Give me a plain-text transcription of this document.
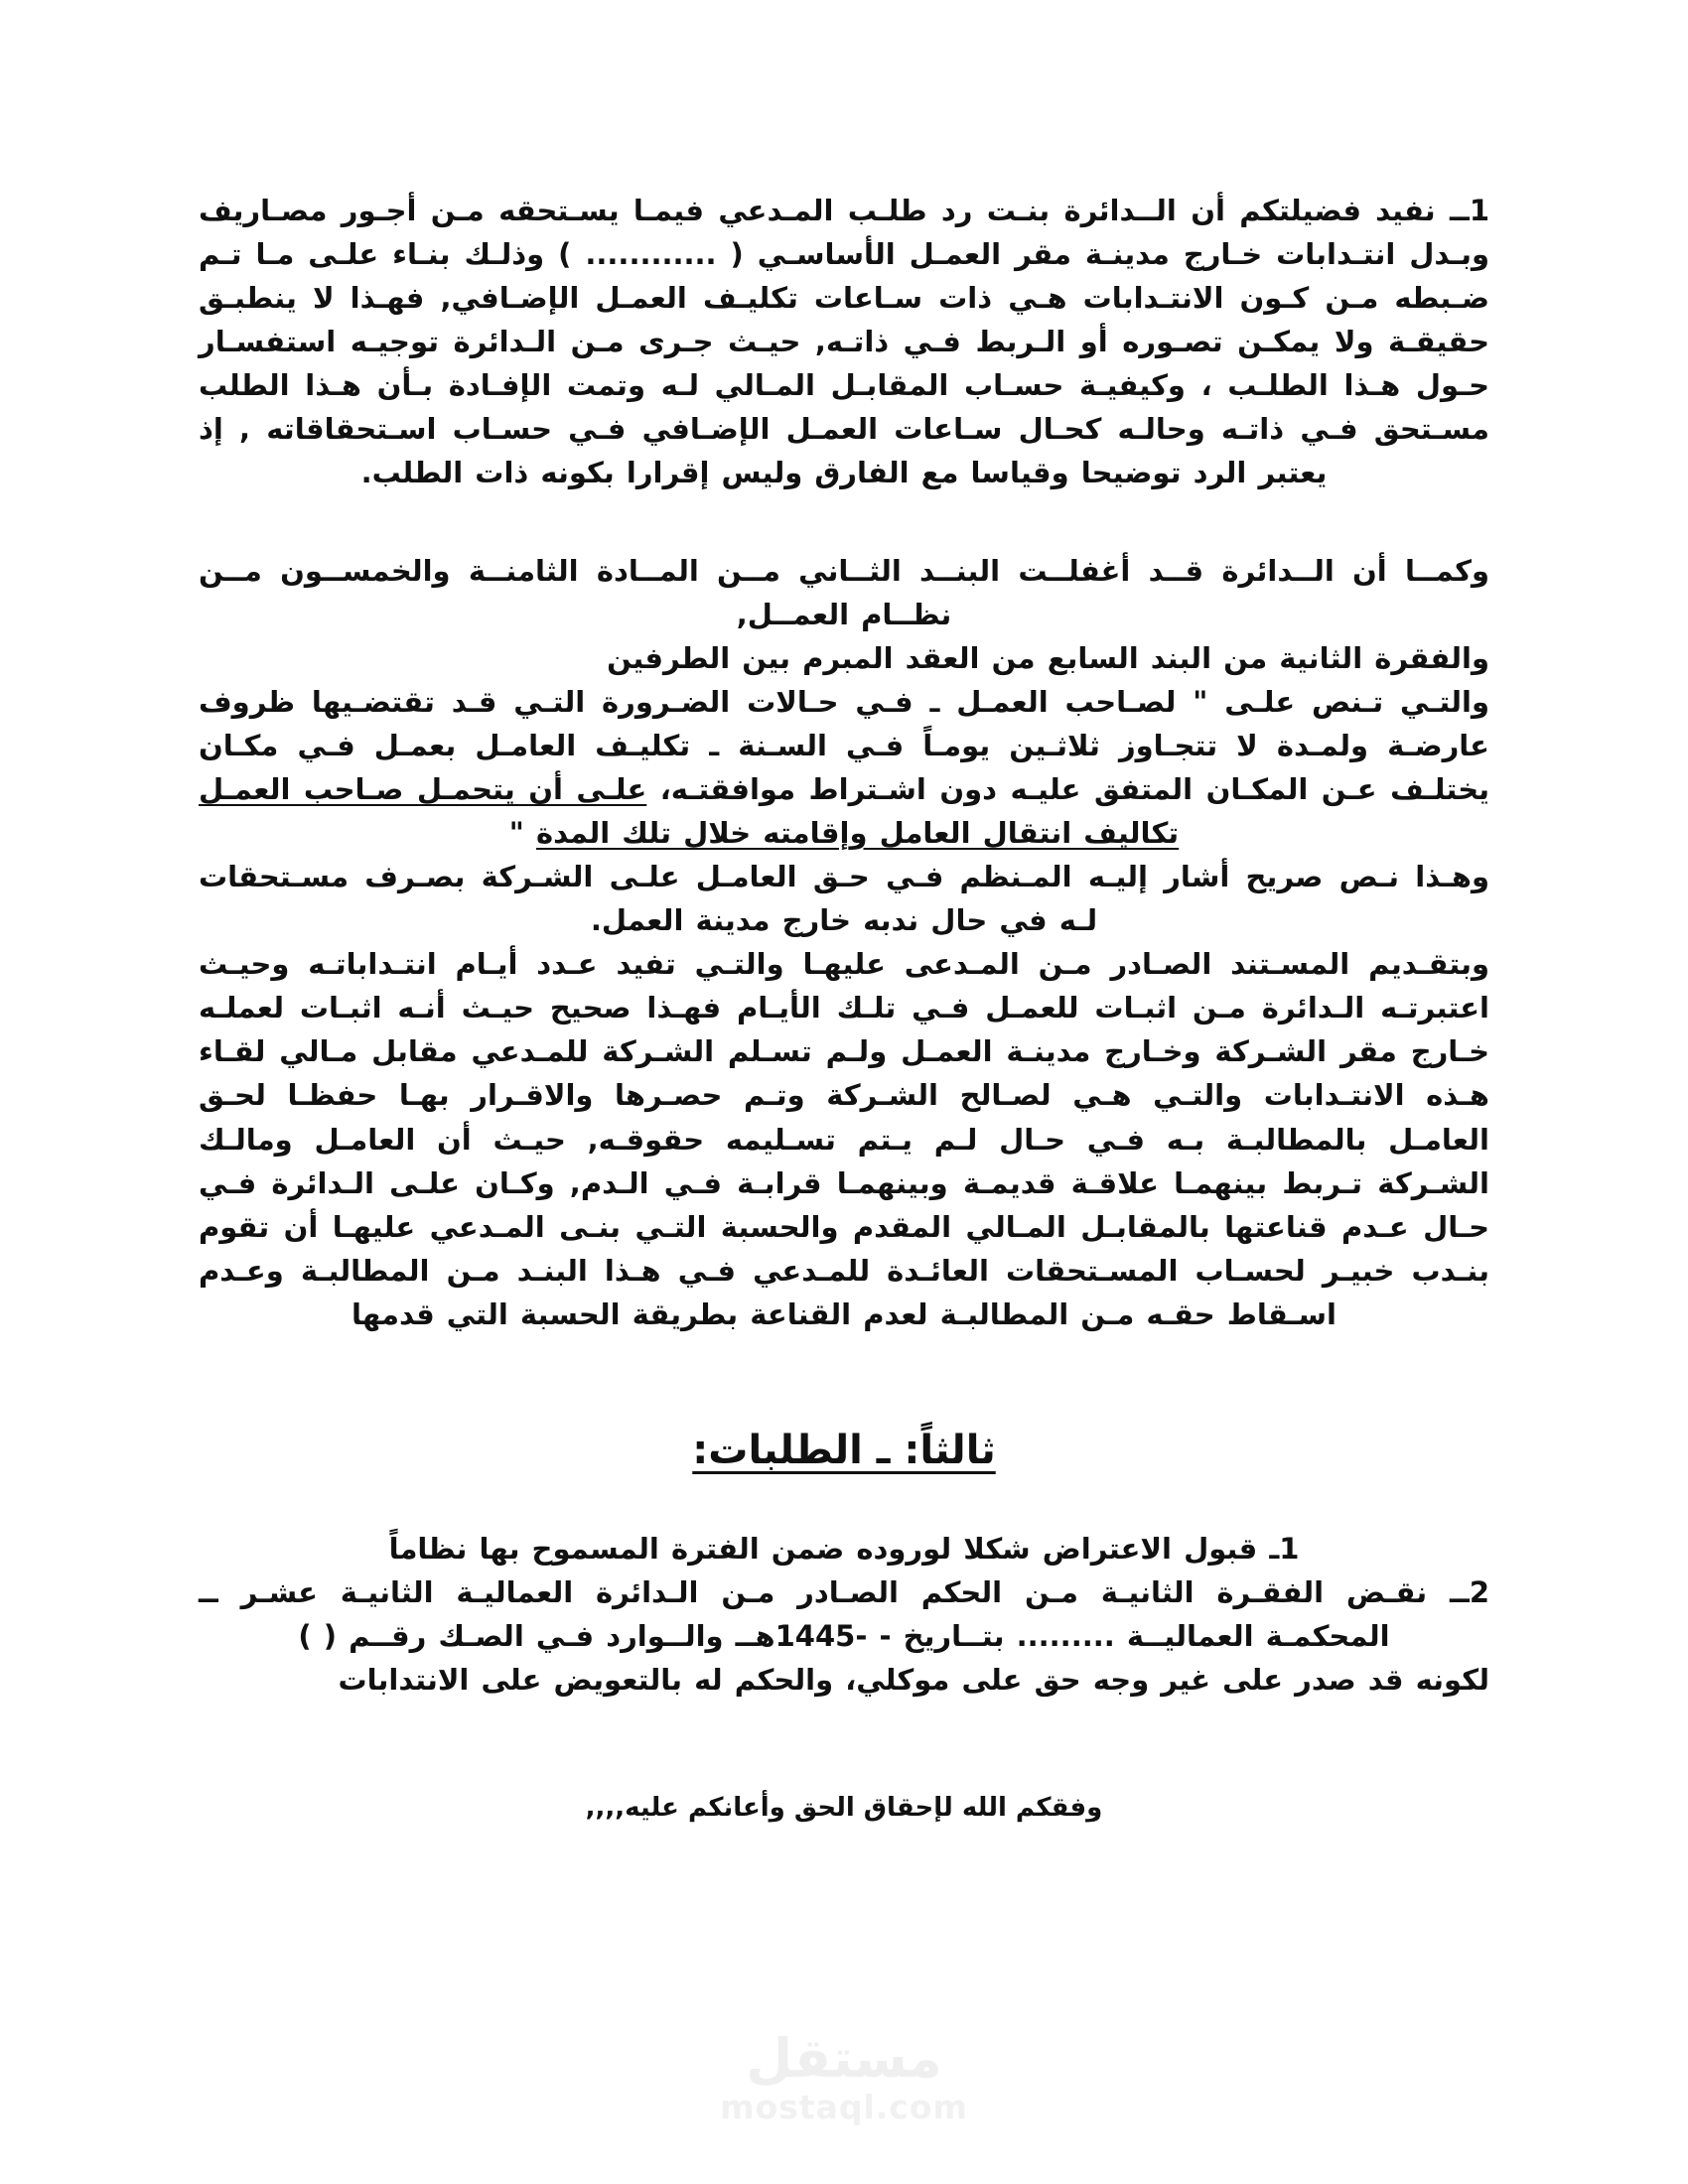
1ــ نفيد فضيلتكم أن الــدائرة بنـت رد طلـب المـدعي فيمـا يسـتحقه مـن أجـور مصـاريف وبـدل انتـدابات خـارج مدينـة مقر العمـل الأساسـي ( ............ ) وذلـك بنـاء علـى مـا تـم ضـبطه مـن كـون الانتـدابات هـي ذات سـاعات تكليـف العمـل الإضـافي, فهـذا لا ينطبـق حقيقـة ولا يمكـن تصـوره أو الـربط فـي ذاتـه, حيـث جـرى مـن الـدائرة توجيـه استفسـار حـول هـذا الطلـب ، وكيفيـة حسـاب المقابـل المـالي لـه وتمت الإفـادة بـأن هـذا الطلب مسـتحق فـي ذاتـه وحالـه كحـال سـاعات العمـل الإضـافي فـي حسـاب اسـتحقاقاته , إذ يعتبر الرد توضيحا وقياسا مع الفارق وليس إقرارا بكونه ذات الطلب.

وكمــا أن الــدائرة قــد أغفلــت البنــد الثــاني مــن المــادة الثامنــة والخمســون مــن نظــام العمــل,

والفقرة الثانية من البند السابع من العقد المبرم بين الطرفين

والتـي تـنص علـى " لصـاحب العمـل ـ فـي حـالات الضـرورة التـي قـد تقتضـيها ظروف عارضـة ولمـدة لا تتجـاوز ثلاثـين يومـاً فـي السـنة ـ تكليـف العامـل بعمـل فـي مكـان يختلـف عـن المكـان المتفق عليـه دون اشـتراط موافقتـه، علـى أن يتحمـل صـاحب العمـل تكاليف انتقال العامل وإقامته خلال تلك المدة "

وهـذا نـص صريح أشار إليـه المـنظم فـي حـق العامـل علـى الشـركة بصـرف مسـتحقات لـه في حال ندبه خارج مدينة العمل.

وبتقـديم المسـتند الصـادر مـن المـدعى عليهـا والتـي تفيد عـدد أيـام انتـداباتـه وحيـث اعتبرتـه الـدائرة مـن اثبـات للعمـل فـي تلـك الأيـام فهـذا صحيح حيـث أنـه اثبـات لعملـه خـارج مقر الشـركة وخـارج مدينـة العمـل ولـم تسـلم الشـركة للمـدعي مقابل مـالي لقـاء هـذه الانتـدابات والتـي هـي لصـالح الشـركة وتـم حصـرها والاقـرار بهـا حفظـا لحـق العامـل بالمطالبـة بـه فـي حـال لـم يـتم تسـليمه حقوقـه, حيـث أن العامـل ومالـك الشـركة تـربط بينهمـا علاقـة قديمـة وبينهمـا قرابـة فـي الـدم, وكـان علـى الـدائرة فـي حـال عـدم قناعتها بالمقابـل المـالي المقدم والحسبة التـي بنـى المـدعي عليهـا أن تقوم بنـدب خبيـر لحسـاب المسـتحقات العائـدة للمـدعي فـي هـذا البنـد مـن المطالبـة وعـدم اسـقاط حقـه مـن المطالبـة لعدم القناعة بطريقة الحسبة التي قدمها

ثالثاً: ـ الطلبات:

1ـ قبول الاعتراض شكلا لوروده ضمن الفترة المسموح بها نظاماً

2ــ نقـض الفقـرة الثانيـة مـن الحكم الصـادر مـن الـدائرة العماليـة الثانيـة عشـر ــ المحكمـة العماليــة ......... بتــاريخ - -1445هــ والــوارد فـي الصـك رقــم ( )

لكونه قد صدر على غير وجه حق على موكلي، والحكم له بالتعويض على الانتدابات

وفقكم الله لإحقاق الحق وأعانكم عليه,,,,

مستقل
mostaql.com
